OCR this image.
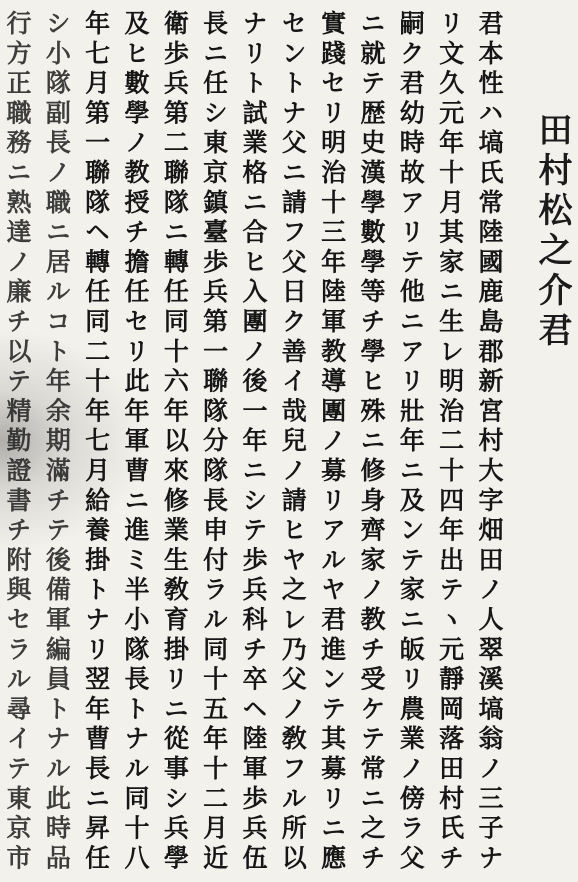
田村松之介君
君本性ハ塙氏常陸國鹿島郡新宮村大字畑田ノ人翠溪塙翁ノ三子ナ
リ文久元年十月其家ニ生レ明治二十四年出テヽ元靜岡落田村氏チ
嗣ク君幼時故アリテ他ニアリ壯年ニ及ンテ家ニ皈リ農業ノ傍ラ父
ニ就テ歴史漢學數學等チ學ヒ殊ニ修身齊家ノ教チ受ケテ常ニ之チ
實踐セリ明治十三年陸軍教導團ノ募リアルヤ君進ンテ其募リニ應
セントナ父ニ請フ父日ク善イ哉兒ノ請ヒヤ之レ乃父ノ敎フル所以
ナリト試業格ニ合ヒ入團ノ後一年ニシテ歩兵科チ卒ヘ陸軍歩兵伍
長ニ任シ東京鎮臺歩兵第一聯隊分隊長申付ラル同十五年十二月近
衛歩兵第二聯隊ニ轉任同十六年以來修業生敎育掛リニ從事シ兵學
及ヒ數學ノ教授チ擔任セリ此年軍曹ニ進ミ半小隊長トナル同十八
年七月第一聯隊ヘ轉任同二十年七月給養掛トナリ翌年曹長ニ昇任
シ小隊副長ノ職ニ居ルコト年余期滿チテ後備軍編員トナル此時品
行方正職務ニ熟達ノ廉チ以テ精勤證書チ附與セラル尋イテ東京市
